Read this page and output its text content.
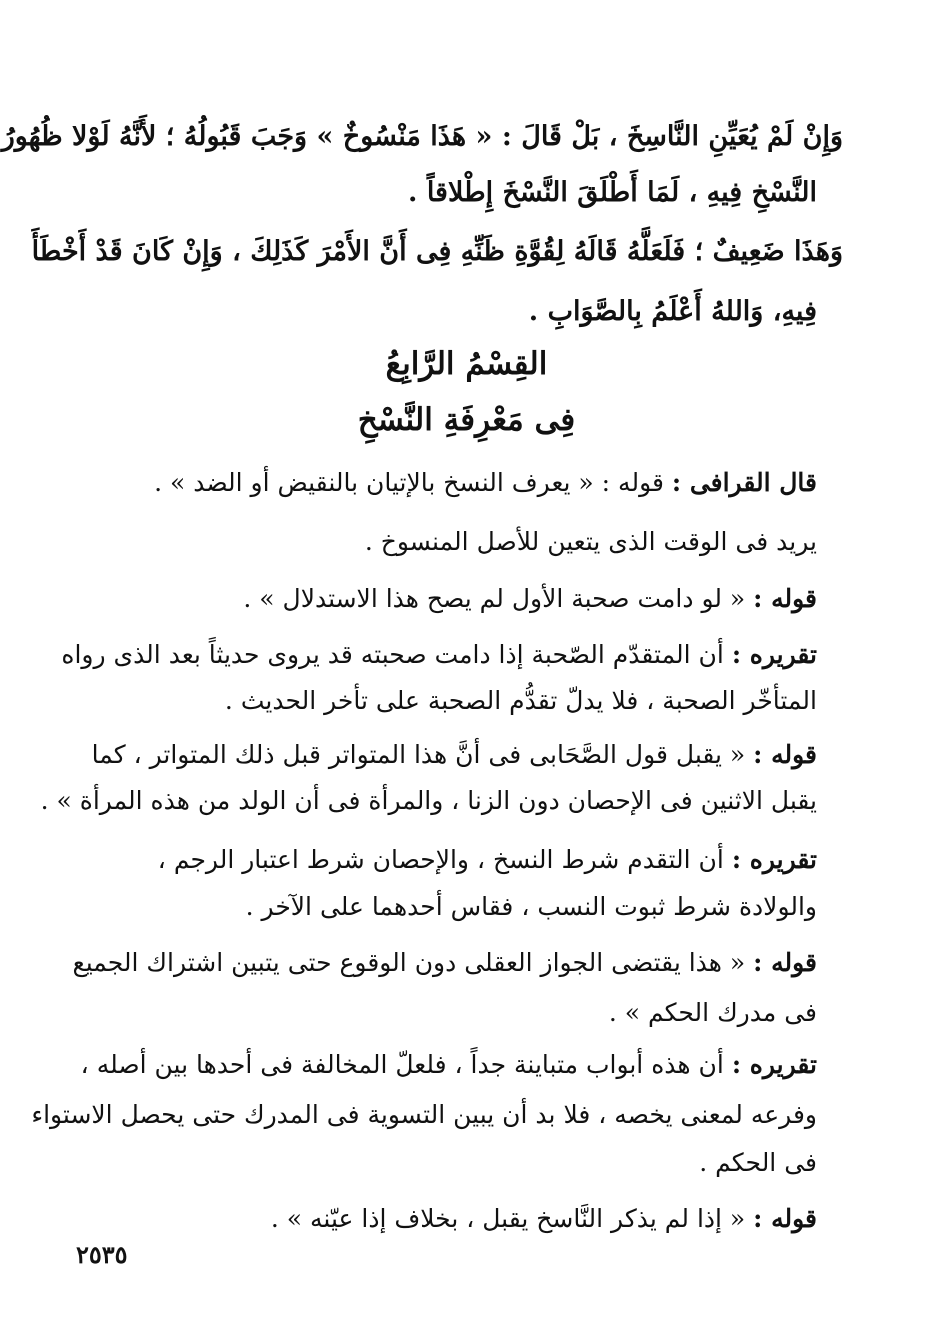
وَإِنْ لَمْ يُعَيِّنِ النَّاسِخَ ، بَلْ قَالَ : « هَذَا مَنْسُوخٌ » وَجَبَ قَبُولُهُ ؛ لأَنَّهُ لَوْلا ظُهُورُ
النَّسْخِ فِيهِ ، لَمَا أَطْلَقَ النَّسْخَ إِطْلاقاً .
وَهَذَا ضَعِيفٌ ؛ فَلَعَلَّهُ قَالَهُ لِقُوَّةِ ظَنِّهِ فِى أَنَّ الأَمْرَ كَذَلِكَ ، وَإِنْ كَانَ قَدْ أَخْطَأَ
فِيهِ، وَاللهُ أَعْلَمُ بِالصَّوَابِ .
القِسْمُ الرَّابِعُ
فِى مَعْرِفَةِ النَّسْخِ
قال القرافى : قوله : « يعرف النسخ بالإتيان بالنقيض أو الضد » .
يريد فى الوقت الذى يتعين للأصل المنسوخ .
قوله : « لو دامت صحبة الأول لم يصح هذا الاستدلال » .
تقريره : أن المتقدّم الصّحبة إذا دامت صحبته قد يروى حديثاً بعد الذى رواه
المتأخّر الصحبة ، فلا يدلّ تقدُّم الصحبة على تأخر الحديث .
قوله : « يقبل قول الصَّحَابى فى أنَّ هذا المتواتر قبل ذلك المتواتر ، كما
يقبل الاثنين فى الإحصان دون الزنا ، والمرأة فى أن الولد من هذه المرأة » .
تقريره : أن التقدم شرط النسخ ، والإحصان شرط اعتبار الرجم ،
والولادة شرط ثبوت النسب ، فقاس أحدهما على الآخر .
قوله : « هذا يقتضى الجواز العقلى دون الوقوع حتى يتبين اشتراك الجميع
فى مدرك الحكم » .
تقريره : أن هذه أبواب متباينة جداً ، فلعلّ المخالفة فى أحدها بين أصله ،
وفرعه لمعنى يخصه ، فلا بد أن يبين التسوية فى المدرك حتى يحصل الاستواء
فى الحكم .
قوله : « إذا لم يذكر النَّاسخ يقبل ، بخلاف إذا عيّنه » .
٢٥٣٥
